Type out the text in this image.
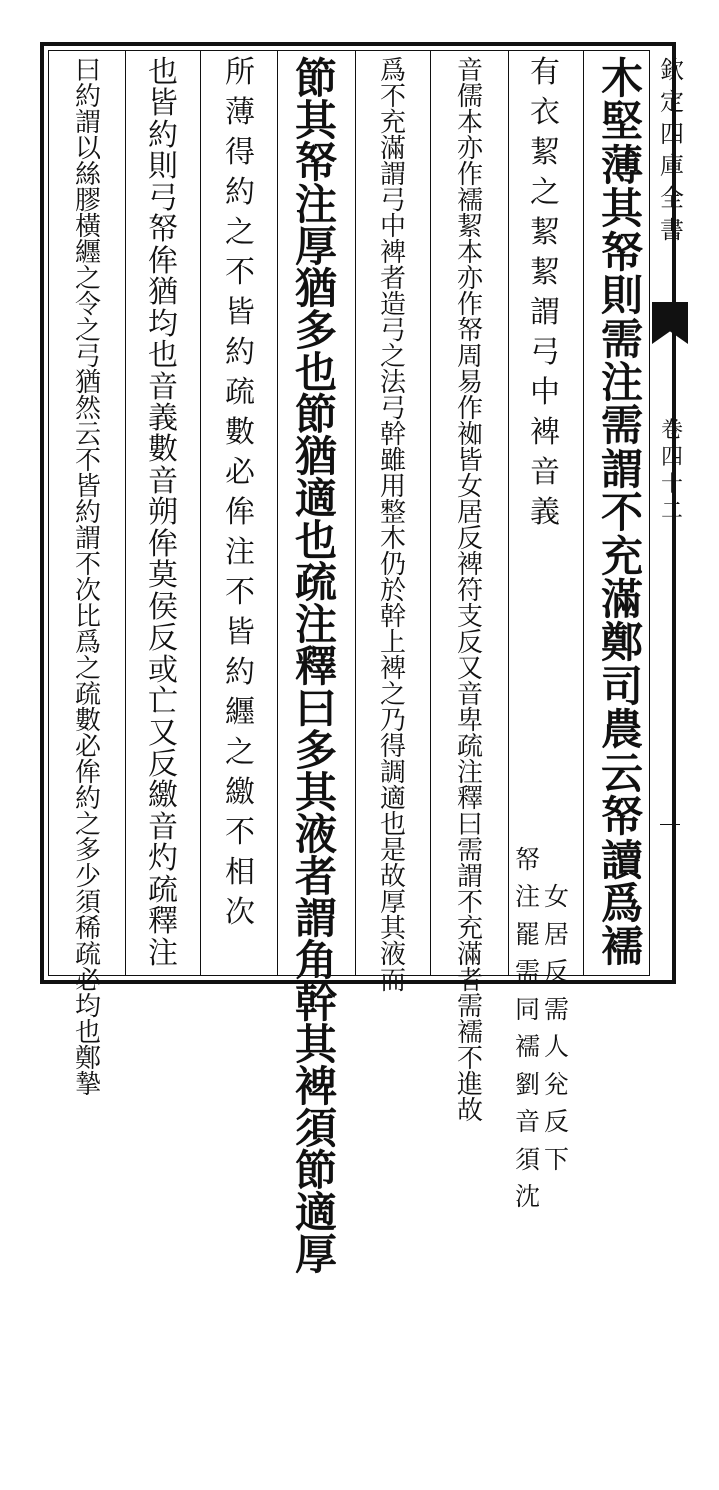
欽
定
四
庫
全
書
卷
四
十
二
木
堅
薄
其
帑
則
需
注
需
謂
不
充
滿
鄭
司
農
云
帑
讀
爲
襦
有
衣
絜
之
絜
絜
謂
弓
中
裨
音
義
帑
注
罷
需
同
襦
劉
音
須
沈
女
居
反
需
人
兊
反
下
音
儒
本
亦
作
襦
絜
本
亦
作
帑
周
易
作
袽
皆
女
居
反
裨
符
支
反
又
音
卑
疏
注
釋
曰
需
謂
不
充
滿
者
需
襦
不
進
故
爲
不
充
滿
謂
弓
中
裨
者
造
弓
之
法
弓
幹
雖
用
整
木
仍
於
幹
上
裨
之
乃
得
調
適
也
是
故
厚
其
液
而
節
其
帑
注
厚
猶
多
也
節
猶
適
也
疏
注
釋
曰
多
其
液
者
謂
角
幹
其
裨
須
節
適
厚
所
薄
得
約
之
不
皆
約
疏
數
必
侔
注
不
皆
約
纒
之
繳
不
相
次
也
皆
約
則
弓
帑
侔
猶
均
也
音
義
數
音
朔
侔
莫
侯
反
或
亡
又
反
繳
音
灼
疏
釋
注
曰
約
謂
以
絲
膠
橫
纒
之
令
之
弓
猶
然
云
不
皆
約
謂
不
次
比
爲
之
疏
數
必
侔
約
之
多
少
須
稀
疏
必
均
也
鄭
摯
